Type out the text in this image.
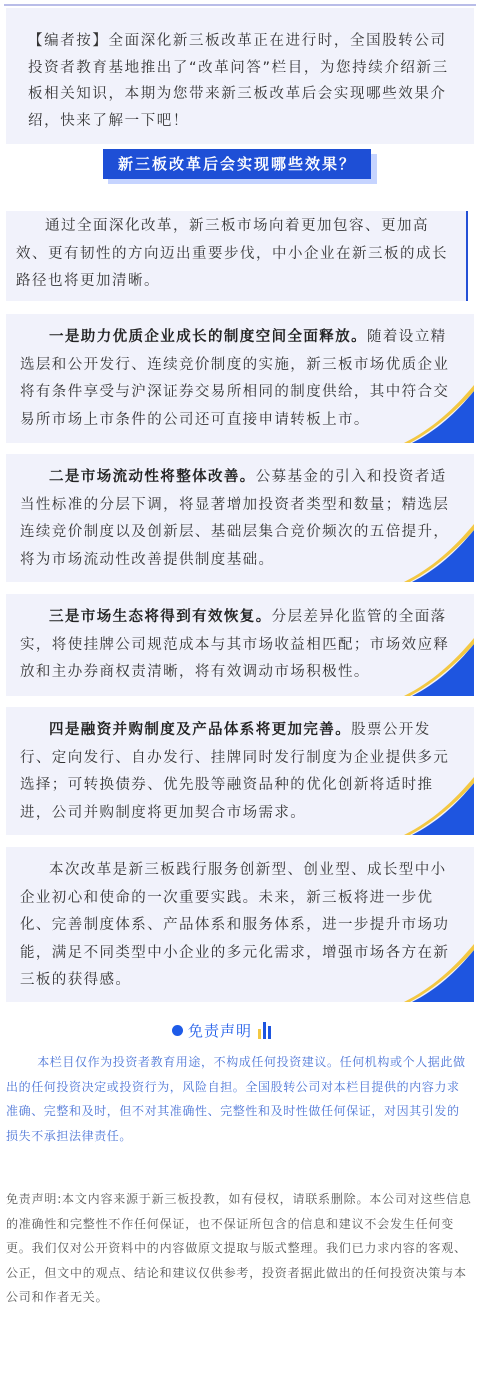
【编者按】全面深化新三板改革正在进行时，全国股转公司投资者教育基地推出了“改革问答”栏目，为您持续介绍新三板相关知识，本期为您带来新三板改革后会实现哪些效果介绍，快来了解一下吧！

新三板改革后会实现哪些效果？

通过全面深化改革，新三板市场向着更加包容、更加高效、更有韧性的方向迈出重要步伐，中小企业在新三板的成长路径也将更加清晰。

一是助力优质企业成长的制度空间全面释放。随着设立精选层和公开发行、连续竞价制度的实施，新三板市场优质企业将有条件享受与沪深证券交易所相同的制度供给，其中符合交易所市场上市条件的公司还可直接申请转板上市。

二是市场流动性将整体改善。公募基金的引入和投资者适当性标准的分层下调，将显著增加投资者类型和数量；精选层连续竞价制度以及创新层、基础层集合竞价频次的五倍提升，将为市场流动性改善提供制度基础。

三是市场生态将得到有效恢复。分层差异化监管的全面落实，将使挂牌公司规范成本与其市场收益相匹配；市场效应释放和主办券商权责清晰，将有效调动市场积极性。

四是融资并购制度及产品体系将更加完善。股票公开发行、定向发行、自办发行、挂牌同时发行制度为企业提供多元选择；可转换债券、优先股等融资品种的优化创新将适时推进，公司并购制度将更加契合市场需求。

本次改革是新三板践行服务创新型、创业型、成长型中小企业初心和使命的一次重要实践。未来，新三板将进一步优化、完善制度体系、产品体系和服务体系，进一步提升市场功能，满足不同类型中小企业的多元化需求，增强市场各方在新三板的获得感。

免责声明
本栏目仅作为投资者教育用途，不构成任何投资建议。任何机构或个人据此做出的任何投资决定或投资行为，风险自担。全国股转公司对本栏目提供的内容力求准确、完整和及时，但不对其准确性、完整性和及时性做任何保证，对因其引发的损失不承担法律责任。
免责声明:本文内容来源于新三板投教，如有侵权，请联系删除。本公司对这些信息的准确性和完整性不作任何保证，也不保证所包含的信息和建议不会发生任何变更。我们仅对公开资料中的内容做原文提取与版式整理。我们已力求内容的客观、公正，但文中的观点、结论和建议仅供参考，投资者据此做出的任何投资决策与本公司和作者无关。
